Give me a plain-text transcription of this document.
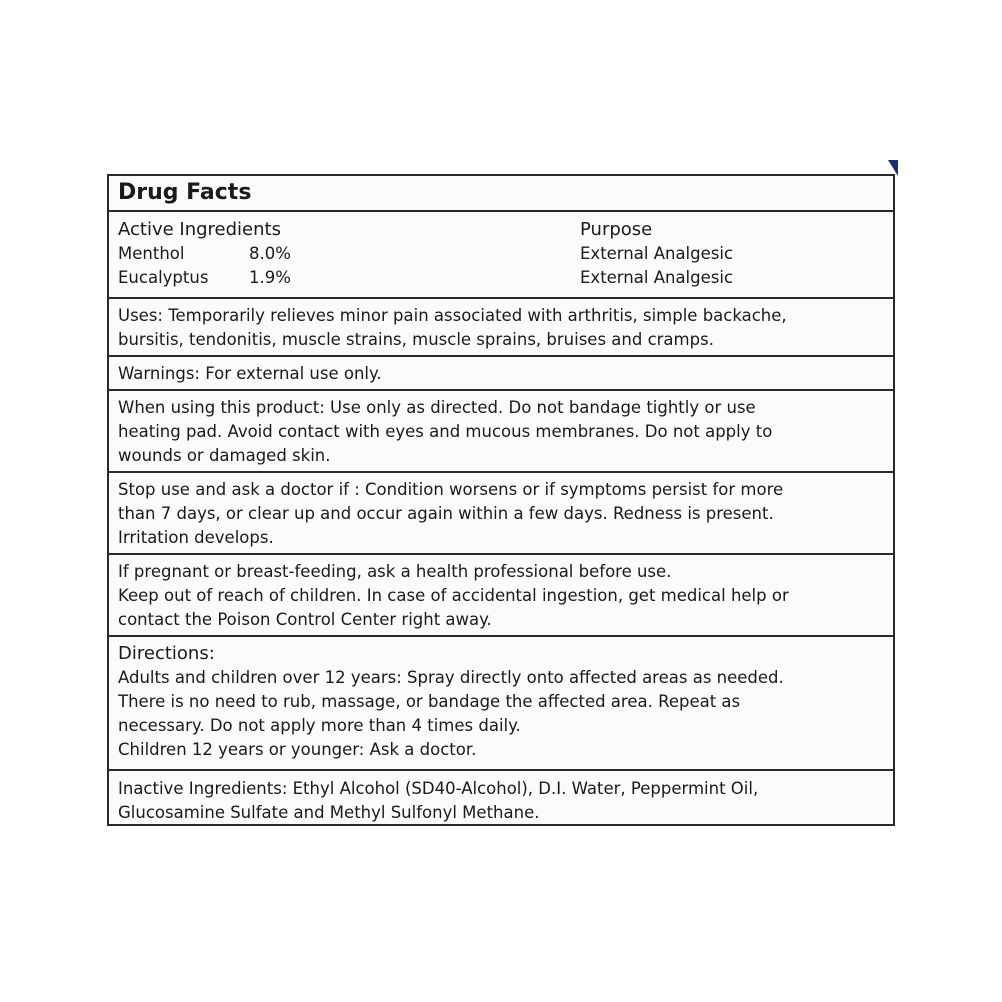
Drug Facts
Active Ingredients
Menthol	8.0%
Eucalyptus	1.9%
Purpose
External Analgesic
External Analgesic
Uses: Temporarily relieves minor pain associated with arthritis, simple backache,
bursitis, tendonitis, muscle strains, muscle sprains, bruises and cramps.
Warnings: For external use only.
When using this product: Use only as directed. Do not bandage tightly or use
heating pad. Avoid contact with eyes and mucous membranes. Do not apply to
wounds or damaged skin.
Stop use and ask a doctor if : Condition worsens or if symptoms persist for more
than 7 days, or clear up and occur again within a few days. Redness is present.
Irritation develops.
If pregnant or breast-feeding, ask a health professional before use.
Keep out of reach of children. In case of accidental ingestion, get medical help or
contact the Poison Control Center right away.
Directions:
Adults and children over 12 years: Spray directly onto affected areas as needed.
There is no need to rub, massage, or bandage the affected area. Repeat as
necessary. Do not apply more than 4 times daily.
Children 12 years or younger: Ask a doctor.
Inactive Ingredients: Ethyl Alcohol (SD40-Alcohol), D.I. Water, Peppermint Oil,
Glucosamine Sulfate and Methyl Sulfonyl Methane.
